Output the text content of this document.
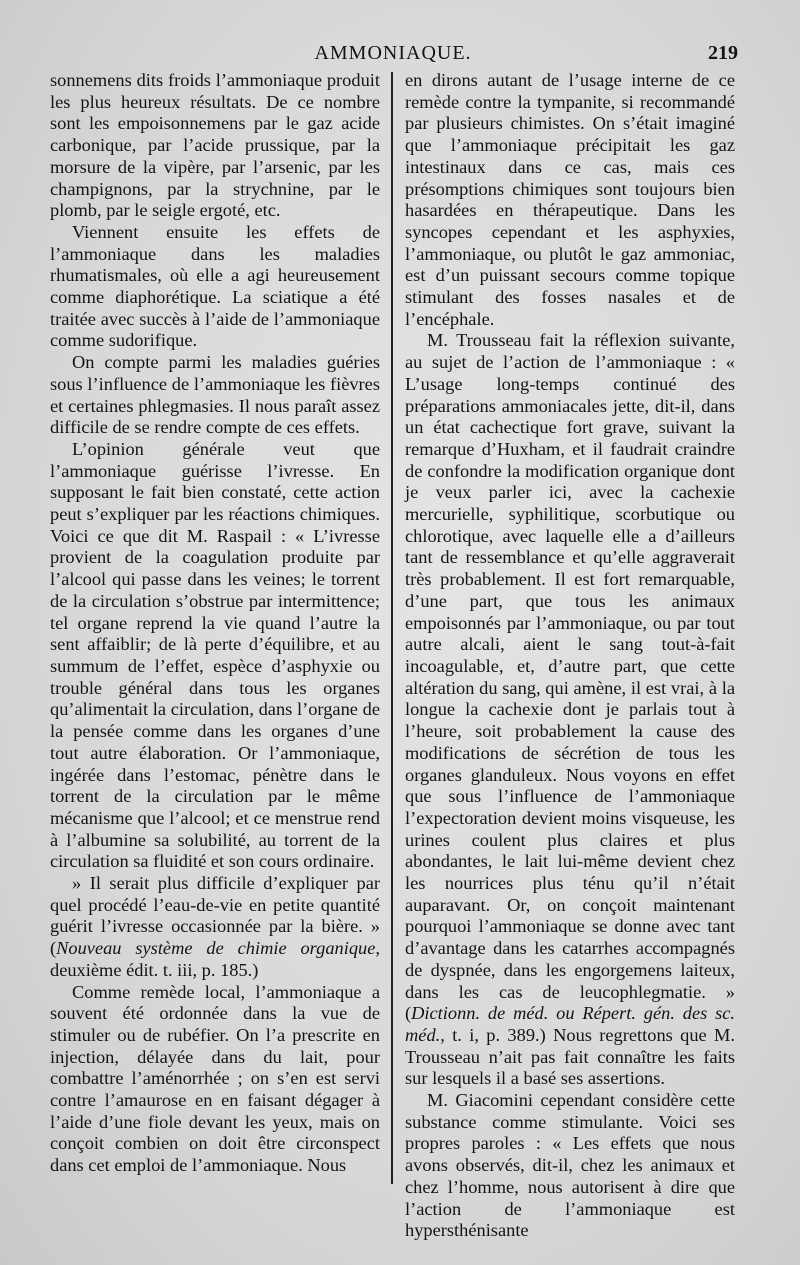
AMMONIAQUE.	219

sonnemens dits froids l’ammoniaque produit les plus heureux résultats. De ce nombre sont les empoisonnemens par le gaz acide carbonique, par l’acide prussique, par la morsure de la vipère, par l’arsenic, par les champignons, par la strychnine, par le plomb, par le seigle ergoté, etc.

Viennent ensuite les effets de l’ammoniaque dans les maladies rhumatismales, où elle a agi heureusement comme diaphorétique. La sciatique a été traitée avec succès à l’aide de l’ammoniaque comme sudorifique.

On compte parmi les maladies guéries sous l’influence de l’ammoniaque les fièvres et certaines phlegmasies. Il nous paraît assez difficile de se rendre compte de ces effets.

L’opinion générale veut que l’ammoniaque guérisse l’ivresse. En supposant le fait bien constaté, cette action peut s’expliquer par les réactions chimiques. Voici ce que dit M. Raspail : « L’ivresse provient de la coagulation produite par l’alcool qui passe dans les veines; le torrent de la circulation s’obstrue par intermittence; tel organe reprend la vie quand l’autre la sent affaiblir; de là perte d’équilibre, et au summum de l’effet, espèce d’asphyxie ou trouble général dans tous les organes qu’alimentait la circulation, dans l’organe de la pensée comme dans les organes d’une tout autre élaboration. Or l’ammoniaque, ingérée dans l’estomac, pénètre dans le torrent de la circulation par le même mécanisme que l’alcool; et ce menstrue rend à l’albumine sa solubilité, au torrent de la circulation sa fluidité et son cours ordinaire.

» Il serait plus difficile d’expliquer par quel procédé l’eau-de-vie en petite quantité guérit l’ivresse occasionnée par la bière. » (Nouveau système de chimie organique, deuxième édit. t. iii, p. 185.)

Comme remède local, l’ammoniaque a souvent été ordonnée dans la vue de stimuler ou de rubéfier. On l’a prescrite en injection, délayée dans du lait, pour combattre l’aménorrhée ; on s’en est servi contre l’amaurose en en faisant dégager à l’aide d’une fiole devant les yeux, mais on conçoit combien on doit être circonspect dans cet emploi de l’ammoniaque. Nous

en dirons autant de l’usage interne de ce remède contre la tympanite, si recommandé par plusieurs chimistes. On s’était imaginé que l’ammoniaque précipitait les gaz intestinaux dans ce cas, mais ces présomptions chimiques sont toujours bien hasardées en thérapeutique. Dans les syncopes cependant et les asphyxies, l’ammoniaque, ou plutôt le gaz ammoniac, est d’un puissant secours comme topique stimulant des fosses nasales et de l’encéphale.

M. Trousseau fait la réflexion suivante, au sujet de l’action de l’ammoniaque : « L’usage long-temps continué des préparations ammoniacales jette, dit-il, dans un état cachectique fort grave, suivant la remarque d’Huxham, et il faudrait craindre de confondre la modification organique dont je veux parler ici, avec la cachexie mercurielle, syphilitique, scorbutique ou chlorotique, avec laquelle elle a d’ailleurs tant de ressemblance et qu’elle aggraverait très probablement. Il est fort remarquable, d’une part, que tous les animaux empoisonnés par l’ammoniaque, ou par tout autre alcali, aient le sang tout-à-fait incoagulable, et, d’autre part, que cette altération du sang, qui amène, il est vrai, à la longue la cachexie dont je parlais tout à l’heure, soit probablement la cause des modifications de sécrétion de tous les organes glanduleux. Nous voyons en effet que sous l’influence de l’ammoniaque l’expectoration devient moins visqueuse, les urines coulent plus claires et plus abondantes, le lait lui-même devient chez les nourrices plus ténu qu’il n’était auparavant. Or, on conçoit maintenant pourquoi l’ammoniaque se donne avec tant d’avantage dans les catarrhes accompagnés de dyspnée, dans les engorgemens laiteux, dans les cas de leucophlegmatie. » (Dictionn. de méd. ou Répert. gén. des sc. méd., t. i, p. 389.) Nous regrettons que M. Trousseau n’ait pas fait connaître les faits sur lesquels il a basé ses assertions.

M. Giacomini cependant considère cette substance comme stimulante. Voici ses propres paroles : « Les effets que nous avons observés, dit-il, chez les animaux et chez l’homme, nous autorisent à dire que l’action de l’ammoniaque est hypersthénisante
